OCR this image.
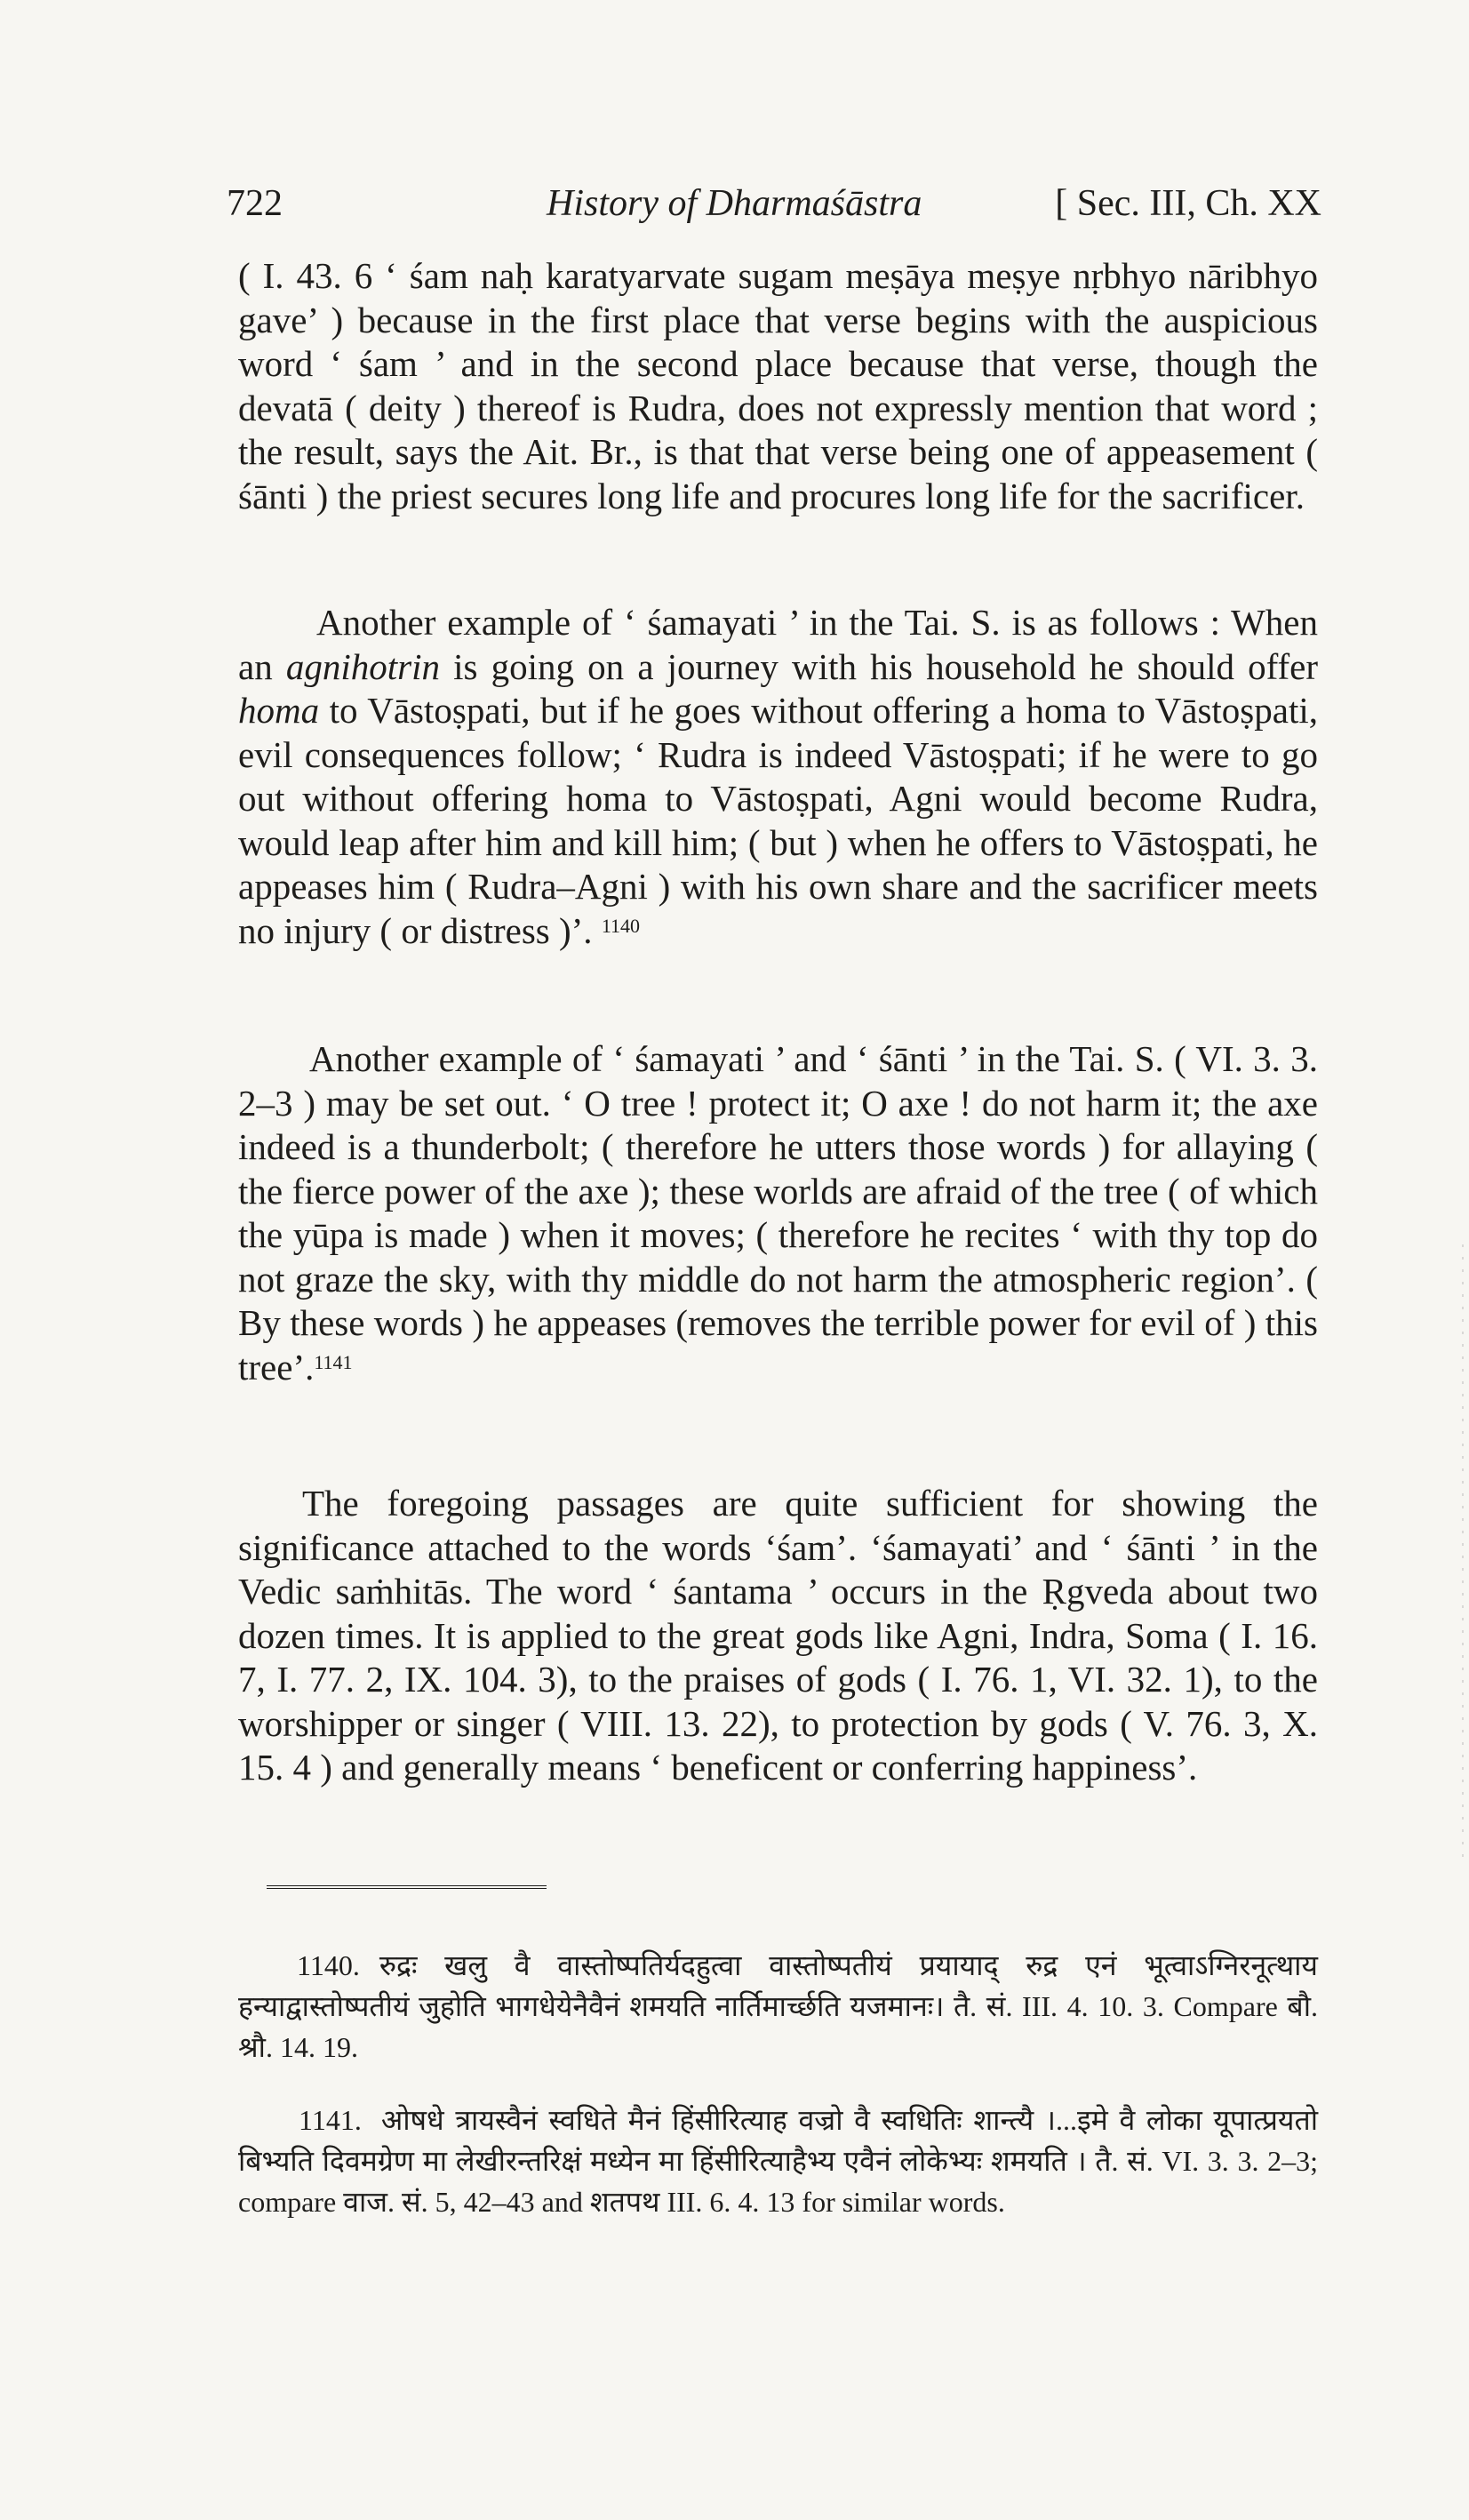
722	History of Dharmaśāstra	[ Sec. III, Ch. XX

( I. 43. 6 ‘ śam naḥ karatyarvate sugam meṣāya meṣye nṛbhyo nāribhyo gave’ ) because in the first place that verse begins with the auspicious word ‘ śam ’ and in the second place because that verse, though the devatā ( deity ) thereof is Rudra, does not expressly mention that word ; the result, says the Ait. Br., is that that verse being one of appeasement ( śānti ) the priest secures long life and procures long life for the sacrificer.

Another example of ‘ śamayati ’ in the Tai. S. is as follows : When an agnihotrin is going on a journey with his household he should offer homa to Vāstoṣpati, but if he goes without offering a homa to Vāstoṣpati, evil consequences follow; ‘ Rudra is indeed Vāstoṣpati; if he were to go out without offering homa to Vāstoṣpati, Agni would become Rudra, would leap after him and kill him; ( but ) when he offers to Vāstoṣpati, he appeases him ( Rudra–Agni ) with his own share and the sacrificer meets no injury ( or distress )’. $^{1140}$

Another example of ‘ śamayati ’ and ‘ śānti ’ in the Tai. S. ( VI. 3. 3. 2–3 ) may be set out. ‘ O tree ! protect it; O axe ! do not harm it; the axe indeed is a thunderbolt; ( therefore he utters those words ) for allaying ( the fierce power of the axe ); these worlds are afraid of the tree ( of which the yūpa is made ) when it moves; ( therefore he recites ‘ with thy top do not graze the sky, with thy middle do not harm the atmospheric region’. ( By these words ) he appeases (removes the terrible power for evil of ) this tree’.$^{1141}$

The foregoing passages are quite sufficient for showing the significance attached to the words ‘śam’. ‘śamayati’ and ‘ śānti ’ in the Vedic saṁhitās. The word ‘ śantama ’ occurs in the Ṛgveda about two dozen times. It is applied to the great gods like Agni, Indra, Soma ( I. 16. 7, I. 77. 2, IX. 104. 3), to the praises of gods ( I. 76. 1, VI. 32. 1), to the worshipper or singer ( VIII. 13. 22), to protection by gods ( V. 76. 3, X. 15. 4 ) and generally means ‘ beneficent or conferring happiness’.

1140. रुद्रः खलु वै वास्तोष्पतिर्यदहुत्वा वास्तोष्पतीयं प्रयायाद् रुद्र एनं भूत्वाऽग्निरनूत्थाय हन्याद्वास्तोष्पतीयं जुहोति भागधेयेनैवैनं शमयति नार्तिमार्च्छति यजमानः। तै. सं. III. 4. 10. 3. Compare बौ. श्रौ. 14. 19.

1141. ओषधे त्रायस्वैनं स्वधिते मैनं हिंसीरित्याह वज्रो वै स्वधितिः शान्त्यै ।...इमे वै लोका यूपात्प्रयतो बिभ्यति दिवमग्रेण मा लेखीरन्तरिक्षं मध्येन मा हिंसीरित्याहैभ्य एवैनं लोकेभ्यः शमयति । तै. सं. VI. 3. 3. 2–3; compare वाज. सं. 5, 42–43 and शतपथ III. 6. 4. 13 for similar words.
